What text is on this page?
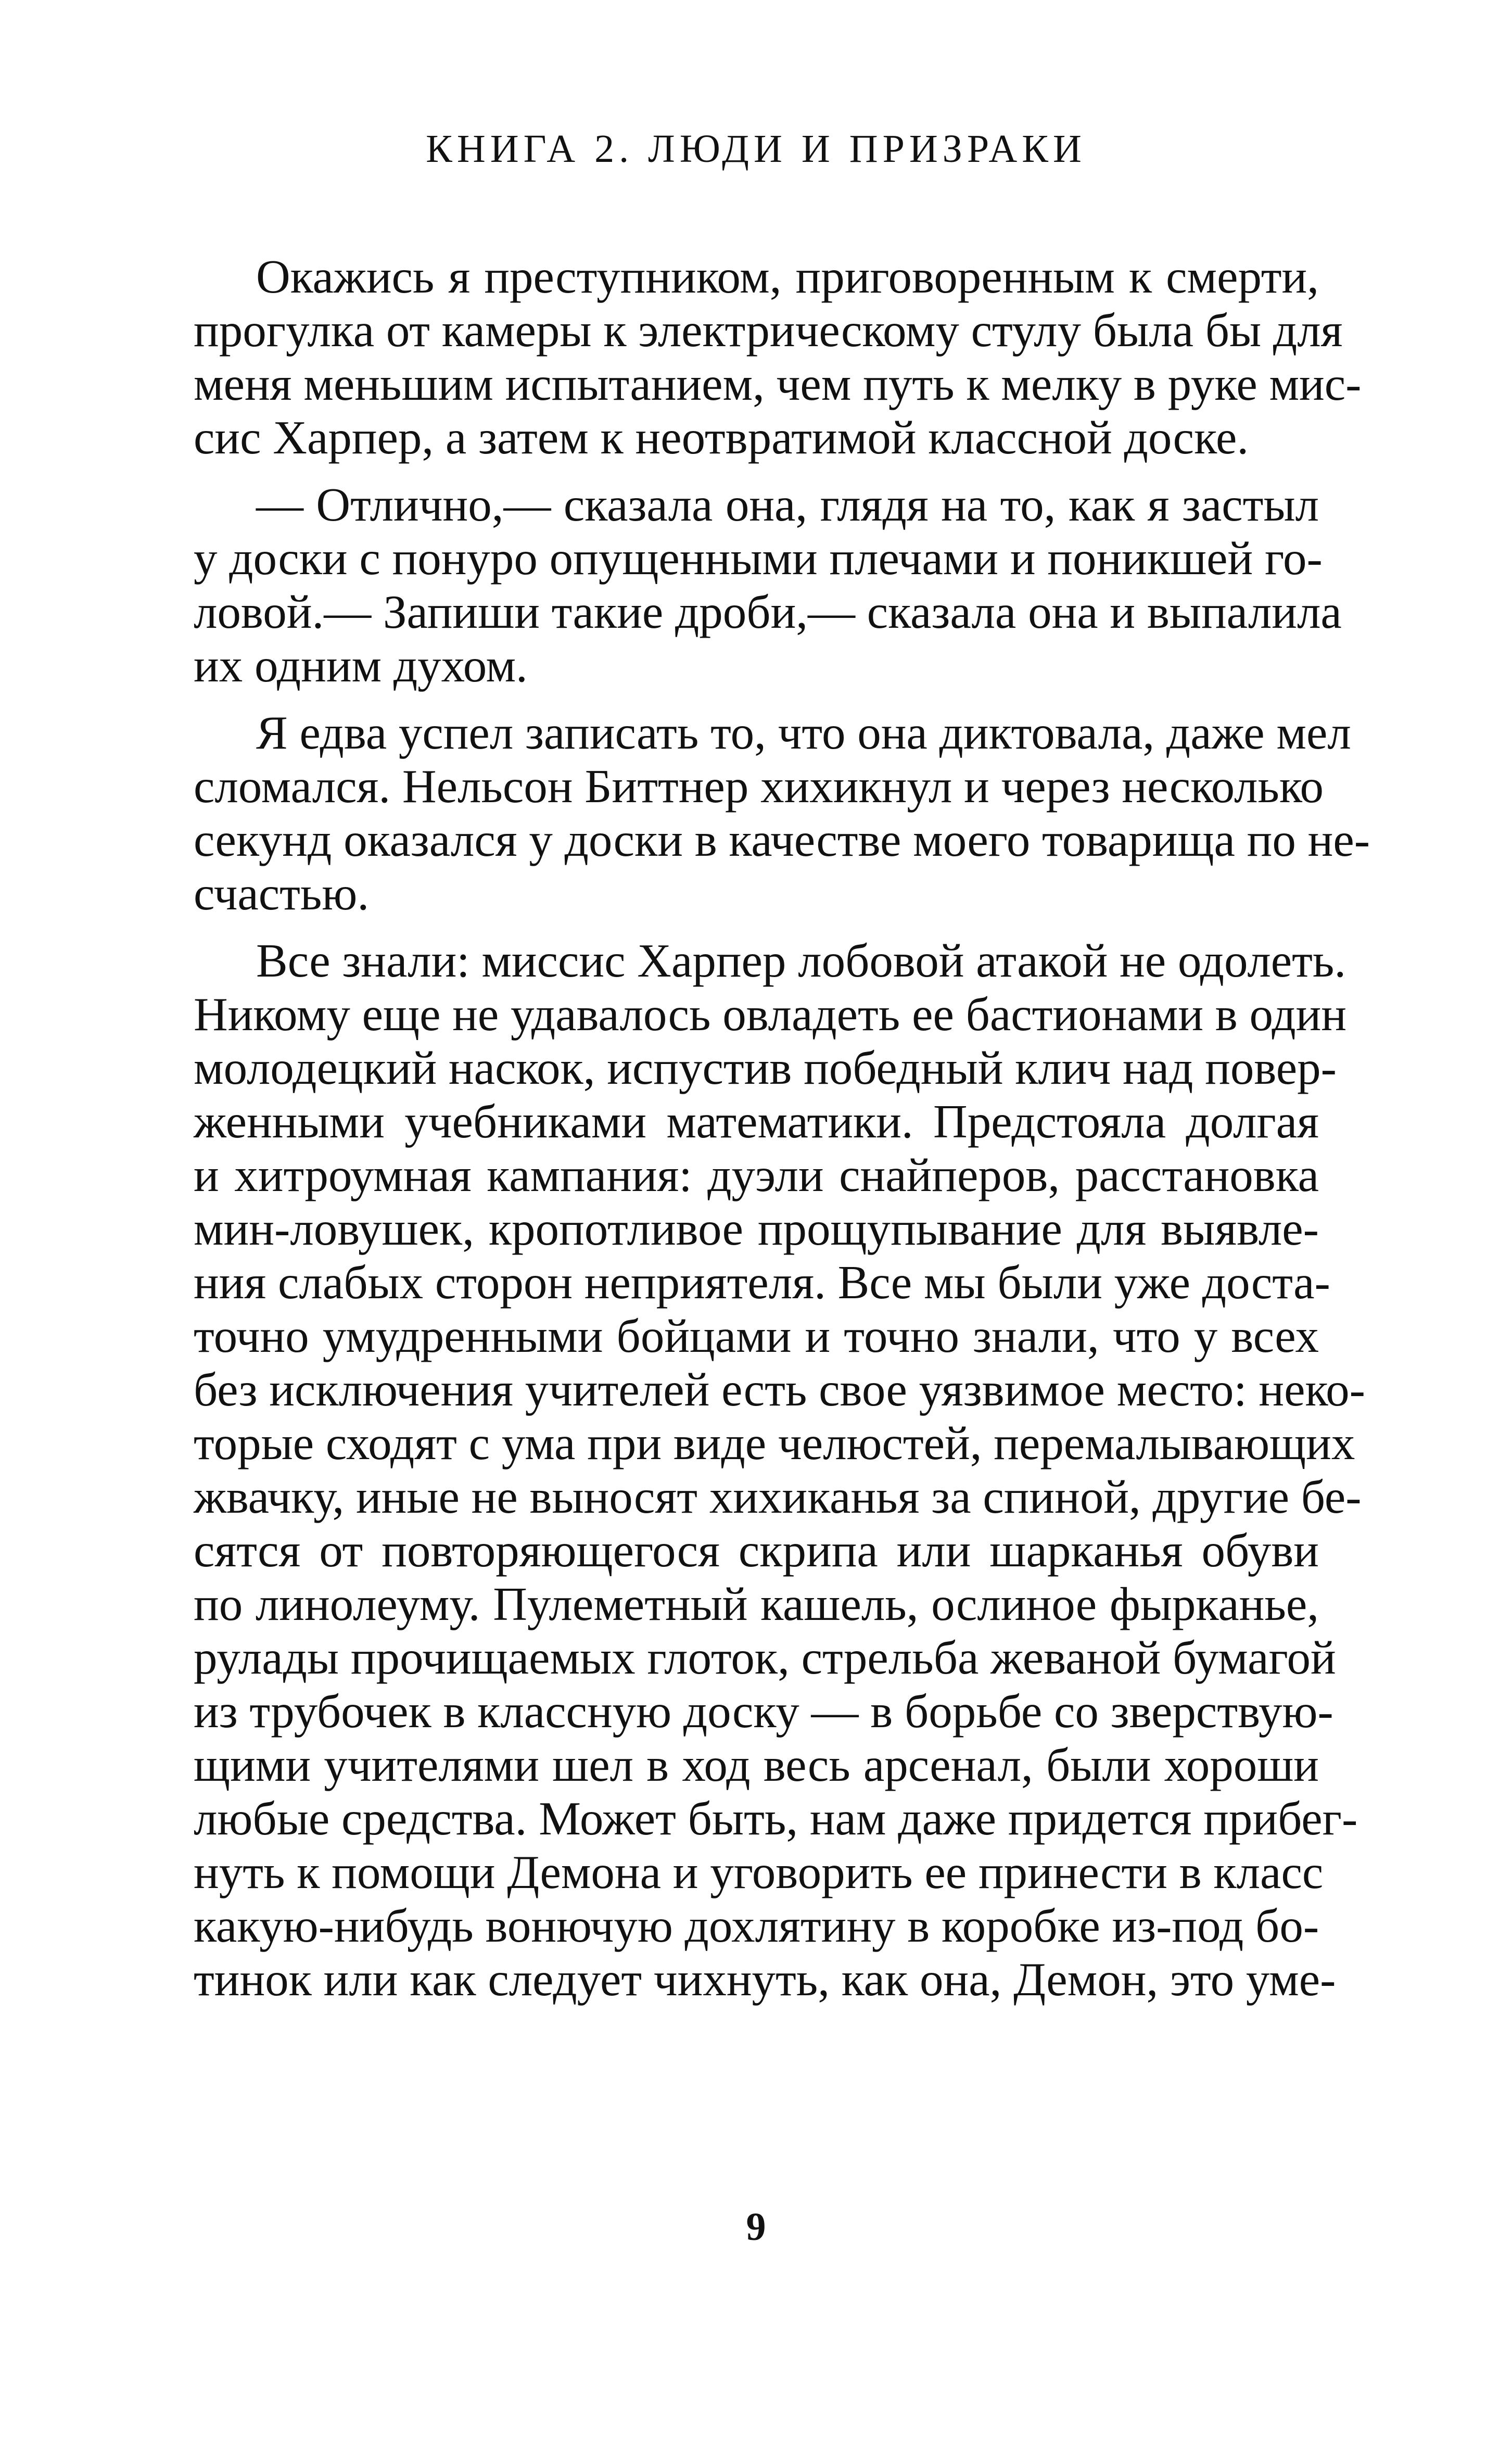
КНИГА 2. ЛЮДИ И ПРИЗРАКИ
Окажись я преступником, приговоренным к смерти,
прогулка от камеры к электрическому стулу была бы для
меня меньшим испытанием, чем путь к мелку в руке мис-
сис Харпер, а затем к неотвратимой классной доске.
— Отлично,— сказала она, глядя на то, как я застыл
у доски с понуро опущенными плечами и поникшей го-
ловой.— Запиши такие дроби,— сказала она и выпалила
их одним духом.
Я едва успел записать то, что она диктовала, даже мел
сломался. Нельсон Биттнер хихикнул и через несколько
секунд оказался у доски в качестве моего товарища по не-
счастью.
Все знали: миссис Харпер лобовой атакой не одолеть.
Никому еще не удавалось овладеть ее бастионами в один
молодецкий наскок, испустив победный клич над повер-
женными учебниками математики. Предстояла долгая
и хитроумная кампания: дуэли снайперов, расстановка
мин-ловушек, кропотливое прощупывание для выявле-
ния слабых сторон неприятеля. Все мы были уже доста-
точно умудренными бойцами и точно знали, что у всех
без исключения учителей есть свое уязвимое место: неко-
торые сходят с ума при виде челюстей, перемалывающих
жвачку, иные не выносят хихиканья за спиной, другие бе-
сятся от повторяющегося скрипа или шарканья обуви
по линолеуму. Пулеметный кашель, ослиное фырканье,
рулады прочищаемых глоток, стрельба жеваной бумагой
из трубочек в классную доску — в борьбе со зверствую-
щими учителями шел в ход весь арсенал, были хороши
любые средства. Может быть, нам даже придется прибег-
нуть к помощи Демона и уговорить ее принести в класс
какую-нибудь вонючую дохлятину в коробке из-под бо-
тинок или как следует чихнуть, как она, Демон, это уме-
9
